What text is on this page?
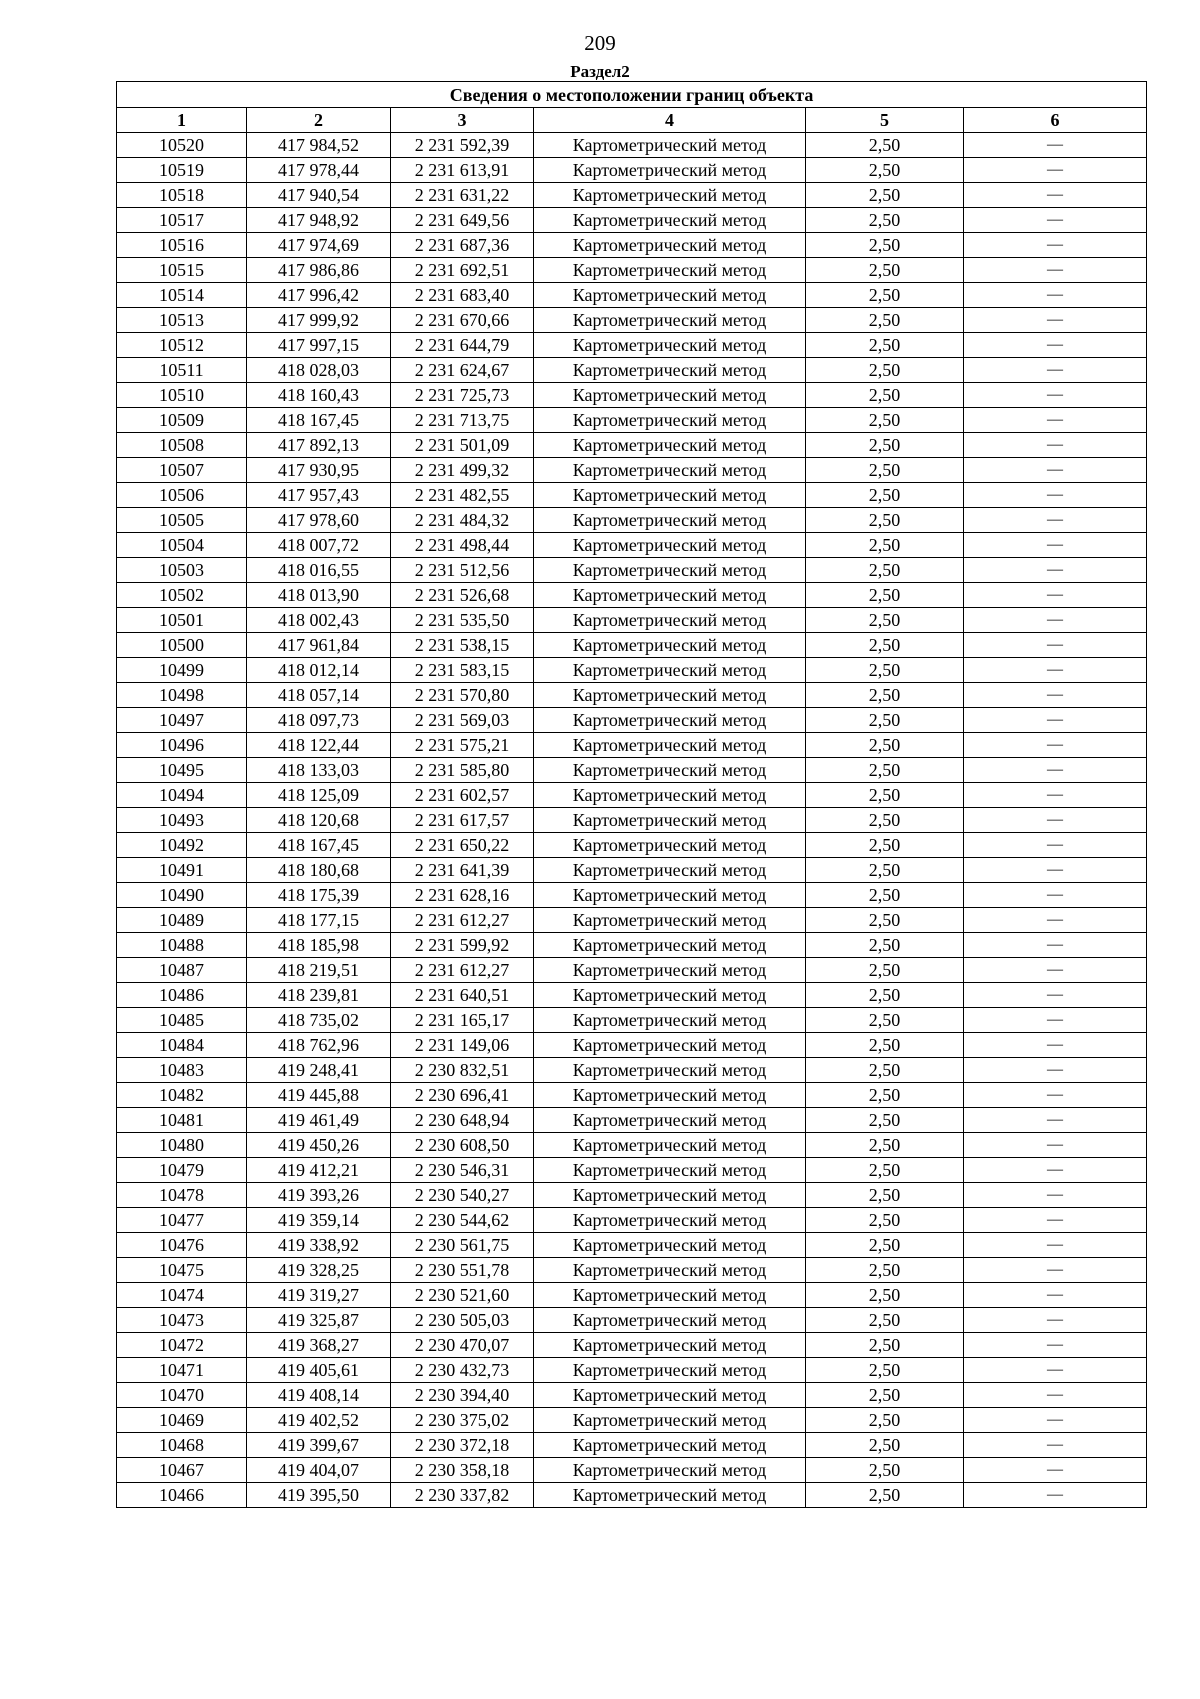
209
Раздел2
Сведения о местоположении границ объекта					
1	2	3	4	5	6
10520	417 984,52	2 231 592,39	Картометрический метод	2,50	—
10519	417 978,44	2 231 613,91	Картометрический метод	2,50	—
10518	417 940,54	2 231 631,22	Картометрический метод	2,50	—
10517	417 948,92	2 231 649,56	Картометрический метод	2,50	—
10516	417 974,69	2 231 687,36	Картометрический метод	2,50	—
10515	417 986,86	2 231 692,51	Картометрический метод	2,50	—
10514	417 996,42	2 231 683,40	Картометрический метод	2,50	—
10513	417 999,92	2 231 670,66	Картометрический метод	2,50	—
10512	417 997,15	2 231 644,79	Картометрический метод	2,50	—
10511	418 028,03	2 231 624,67	Картометрический метод	2,50	—
10510	418 160,43	2 231 725,73	Картометрический метод	2,50	—
10509	418 167,45	2 231 713,75	Картометрический метод	2,50	—
10508	417 892,13	2 231 501,09	Картометрический метод	2,50	—
10507	417 930,95	2 231 499,32	Картометрический метод	2,50	—
10506	417 957,43	2 231 482,55	Картометрический метод	2,50	—
10505	417 978,60	2 231 484,32	Картометрический метод	2,50	—
10504	418 007,72	2 231 498,44	Картометрический метод	2,50	—
10503	418 016,55	2 231 512,56	Картометрический метод	2,50	—
10502	418 013,90	2 231 526,68	Картометрический метод	2,50	—
10501	418 002,43	2 231 535,50	Картометрический метод	2,50	—
10500	417 961,84	2 231 538,15	Картометрический метод	2,50	—
10499	418 012,14	2 231 583,15	Картометрический метод	2,50	—
10498	418 057,14	2 231 570,80	Картометрический метод	2,50	—
10497	418 097,73	2 231 569,03	Картометрический метод	2,50	—
10496	418 122,44	2 231 575,21	Картометрический метод	2,50	—
10495	418 133,03	2 231 585,80	Картометрический метод	2,50	—
10494	418 125,09	2 231 602,57	Картометрический метод	2,50	—
10493	418 120,68	2 231 617,57	Картометрический метод	2,50	—
10492	418 167,45	2 231 650,22	Картометрический метод	2,50	—
10491	418 180,68	2 231 641,39	Картометрический метод	2,50	—
10490	418 175,39	2 231 628,16	Картометрический метод	2,50	—
10489	418 177,15	2 231 612,27	Картометрический метод	2,50	—
10488	418 185,98	2 231 599,92	Картометрический метод	2,50	—
10487	418 219,51	2 231 612,27	Картометрический метод	2,50	—
10486	418 239,81	2 231 640,51	Картометрический метод	2,50	—
10485	418 735,02	2 231 165,17	Картометрический метод	2,50	—
10484	418 762,96	2 231 149,06	Картометрический метод	2,50	—
10483	419 248,41	2 230 832,51	Картометрический метод	2,50	—
10482	419 445,88	2 230 696,41	Картометрический метод	2,50	—
10481	419 461,49	2 230 648,94	Картометрический метод	2,50	—
10480	419 450,26	2 230 608,50	Картометрический метод	2,50	—
10479	419 412,21	2 230 546,31	Картометрический метод	2,50	—
10478	419 393,26	2 230 540,27	Картометрический метод	2,50	—
10477	419 359,14	2 230 544,62	Картометрический метод	2,50	—
10476	419 338,92	2 230 561,75	Картометрический метод	2,50	—
10475	419 328,25	2 230 551,78	Картометрический метод	2,50	—
10474	419 319,27	2 230 521,60	Картометрический метод	2,50	—
10473	419 325,87	2 230 505,03	Картометрический метод	2,50	—
10472	419 368,27	2 230 470,07	Картометрический метод	2,50	—
10471	419 405,61	2 230 432,73	Картометрический метод	2,50	—
10470	419 408,14	2 230 394,40	Картометрический метод	2,50	—
10469	419 402,52	2 230 375,02	Картометрический метод	2,50	—
10468	419 399,67	2 230 372,18	Картометрический метод	2,50	—
10467	419 404,07	2 230 358,18	Картометрический метод	2,50	—
10466	419 395,50	2 230 337,82	Картометрический метод	2,50	—
